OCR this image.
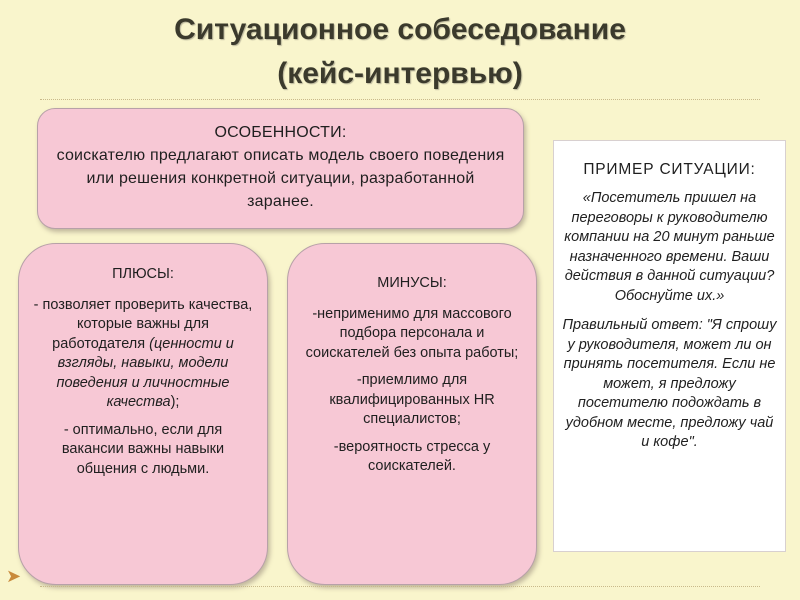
Ситуационное собеседование
(кейс-интервью)
ОСОБЕННОСТИ:
соискателю предлагают описать модель своего поведения или решения конкретной ситуации, разработанной заранее.
ПЛЮСЫ:
- позволяет проверить качества, которые важны для работодателя (ценности и взгляды, навыки, модели поведения и личностные качества);
- оптимально, если для вакансии важны навыки общения с людьми.
МИНУСЫ:
-неприменимо для массового подбора персонала и соискателей без опыта работы;
-приемлимо для квалифицированных HR специалистов;
-вероятность стресса у соискателей.
ПРИМЕР СИТУАЦИИ:
«Посетитель пришел на переговоры к руководителю компании на 20 минут раньше назначенного времени. Ваши действия в данной ситуации? Обоснуйте их.»
Правильный ответ: "Я спрошу у руководителя, может ли он принять посетителя. Если не может, я предложу посетителю подождать в удобном месте, предложу чай и кофе".
➤
